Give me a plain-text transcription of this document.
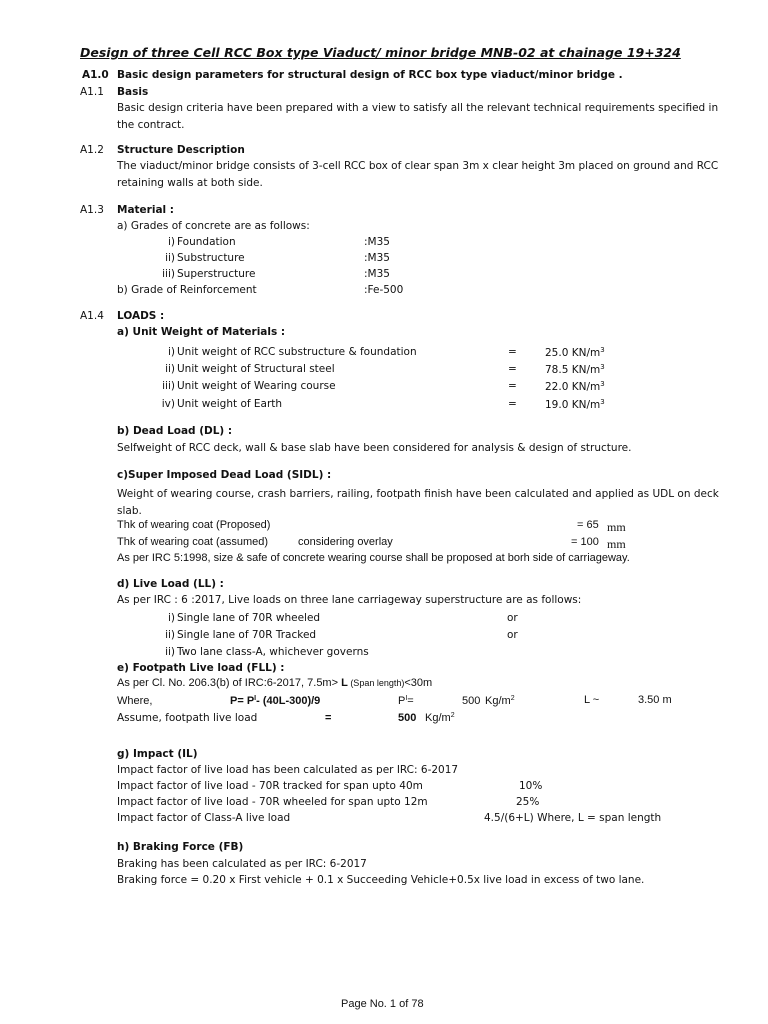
Design of three Cell RCC Box type Viaduct/ minor bridge MNB-02 at chainage 19+324
A1.0 Basic design parameters for structural design of RCC box type viaduct/minor bridge .
A1.1 Basis
Basic design criteria have been prepared with a view to satisfy all the relevant technical requirements specified in the contract.
A1.2 Structure Description
The viaduct/minor bridge consists of 3-cell RCC box of clear span 3m x clear height 3m placed on ground and RCC retaining walls at both side.
A1.3 Material :
a) Grades of concrete are as follows:
i) Foundation	:M35
ii) Substructure	:M35
iii) Superstructure	:M35
b) Grade of Reinforcement	:Fe-500
A1.4 LOADS :
a) Unit Weight of Materials :
i) Unit weight of RCC substructure & foundation	=	25.0 $KN/m^3$
ii) Unit weight of Structural steel	=	78.5 $KN/m^3$
iii) Unit weight of Wearing course	=	22.0 $KN/m^3$
iv) Unit weight of Earth	=	19.0 $KN/m^3$
b) Dead Load (DL) :
Selfweight of RCC deck, wall & base slab have been considered for analysis & design of structure.
c)Super Imposed Dead Load (SIDL) :
Weight of wearing course, crash barriers, railing, footpath finish have been calculated and applied as UDL on deck slab.
Thk of wearing coat (Proposed)	= 65 mm
Thk of wearing coat (assumed)	considering overlay	= 100 mm
As per IRC 5:1998, size & safe of concrete wearing course shall be proposed at borh side of carriageway.
d) Live Load (LL) :
As per IRC : 6 :2017, Live loads on three lane carriageway superstructure are as follows:
i) Single lane of 70R wheeled	or
ii) Single lane of 70R Tracked	or
ii) Two lane class-A, whichever governs
e) Footpath Live load (FLL) :
As per Cl. No. 206.3(b) of IRC:6-2017, 7.5m> L (Span length)<30m
Where,	$P= P^I-$ (40L-300)/9	$P^I=$	500 $Kg/m^2$	L ~	3.50 m
Assume, footpath live load	=	500 $Kg/m^2$
g) Impact (IL)
Impact factor of live load has been calculated as per IRC: 6-2017
Impact factor of live load - 70R tracked for span upto 40m	10%
Impact factor of live load - 70R wheeled for span upto 12m	25%
Impact factor of Class-A live load	4.5/(6+L) Where, L = span length
h) Braking Force (FB)
Braking has been calculated as per IRC: 6-2017
Braking force = 0.20 x First vehicle + 0.1 x Succeeding Vehicle+0.5x live load in excess of two lane.
Page No. 1 of 78
